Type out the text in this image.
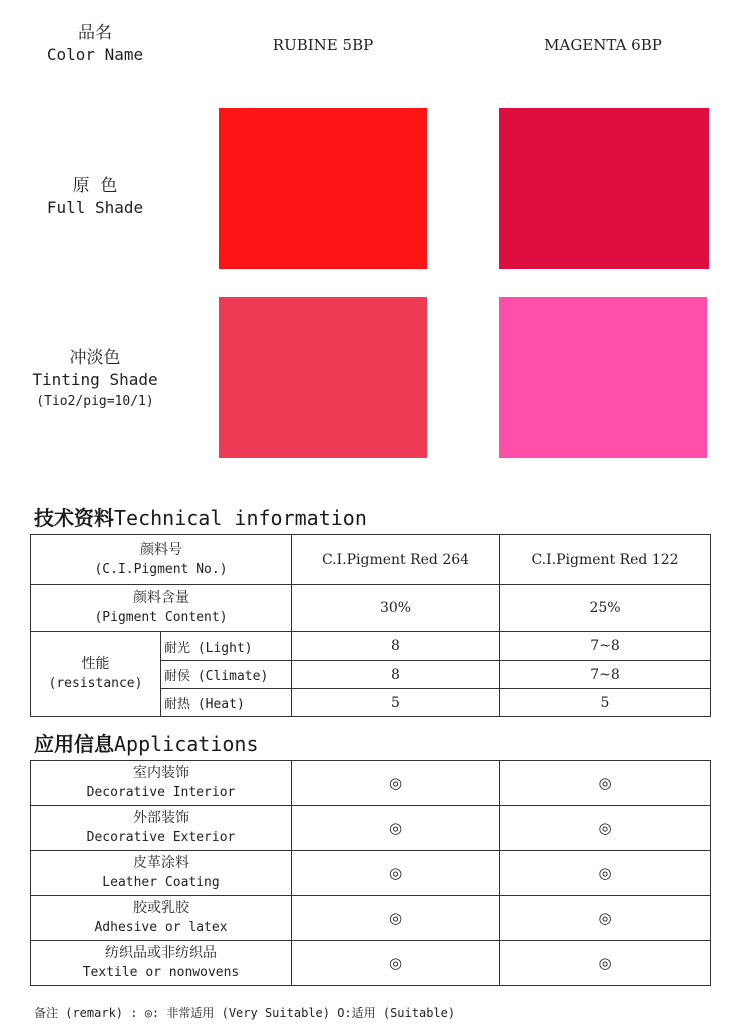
品名
Color Name	RUBINE 5BP	MAGENTA 6BP
原  色
Full Shade
冲淡色
Tinting Shade
(Tio2/pig=10/1)
技术资料Technical information
颜料号
(C.I.Pigment No.)		C.I.Pigment Red 264	C.I.Pigment Red 122

颜料含量
(Pigment Content)		30%	25%

性能
(resistance)	耐光 (Light)	8	7~8
	耐侯 (Climate)	8	7~8
	耐热 (Heat)	5	5
应用信息Applications
室内装饰
Decorative Interior	◎	◎

外部装饰
Decorative Exterior	◎	◎

皮革涂料
Leather Coating	◎	◎

胶或乳胶
Adhesive or latex	◎	◎

纺织品或非纺织品
Textile or nonwovens	◎	◎
备注 (remark) : ◎: 非常适用 (Very Suitable) O:适用 (Suitable)
